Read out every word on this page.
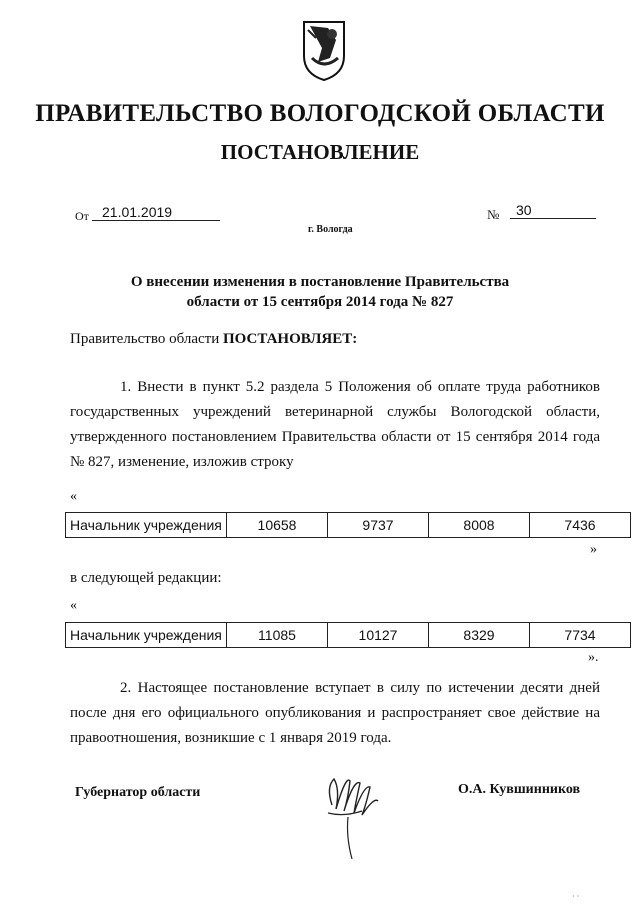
ПРАВИТЕЛЬСТВО ВОЛОГОДСКОЙ ОБЛАСТИ
ПОСТАНОВЛЕНИЕ
От 21.01.2019	№	30
г. Вологда
О внесении изменения в постановление Правительства
области от 15 сентября 2014 года № 827
Правительство области ПОСТАНОВЛЯЕТ:
1. Внести в пункт 5.2 раздела 5 Положения об оплате труда работников государственных учреждений ветеринарной службы Вологодской области, утвержденного постановлением Правительства области от 15 сентября 2014 года № 827, изменение, изложив строку
«
Начальник учреждения	10658	9737	8008	7436
»
в следующей редакции:
«
Начальник учреждения	11085	10127	8329	7734
».
2. Настоящее постановление вступает в силу по истечении десяти дней после дня его официального опубликования и распространяет свое действие на правоотношения, возникшие с 1 января 2019 года.
Губернатор области	О.А. Кувшинников
· ·
